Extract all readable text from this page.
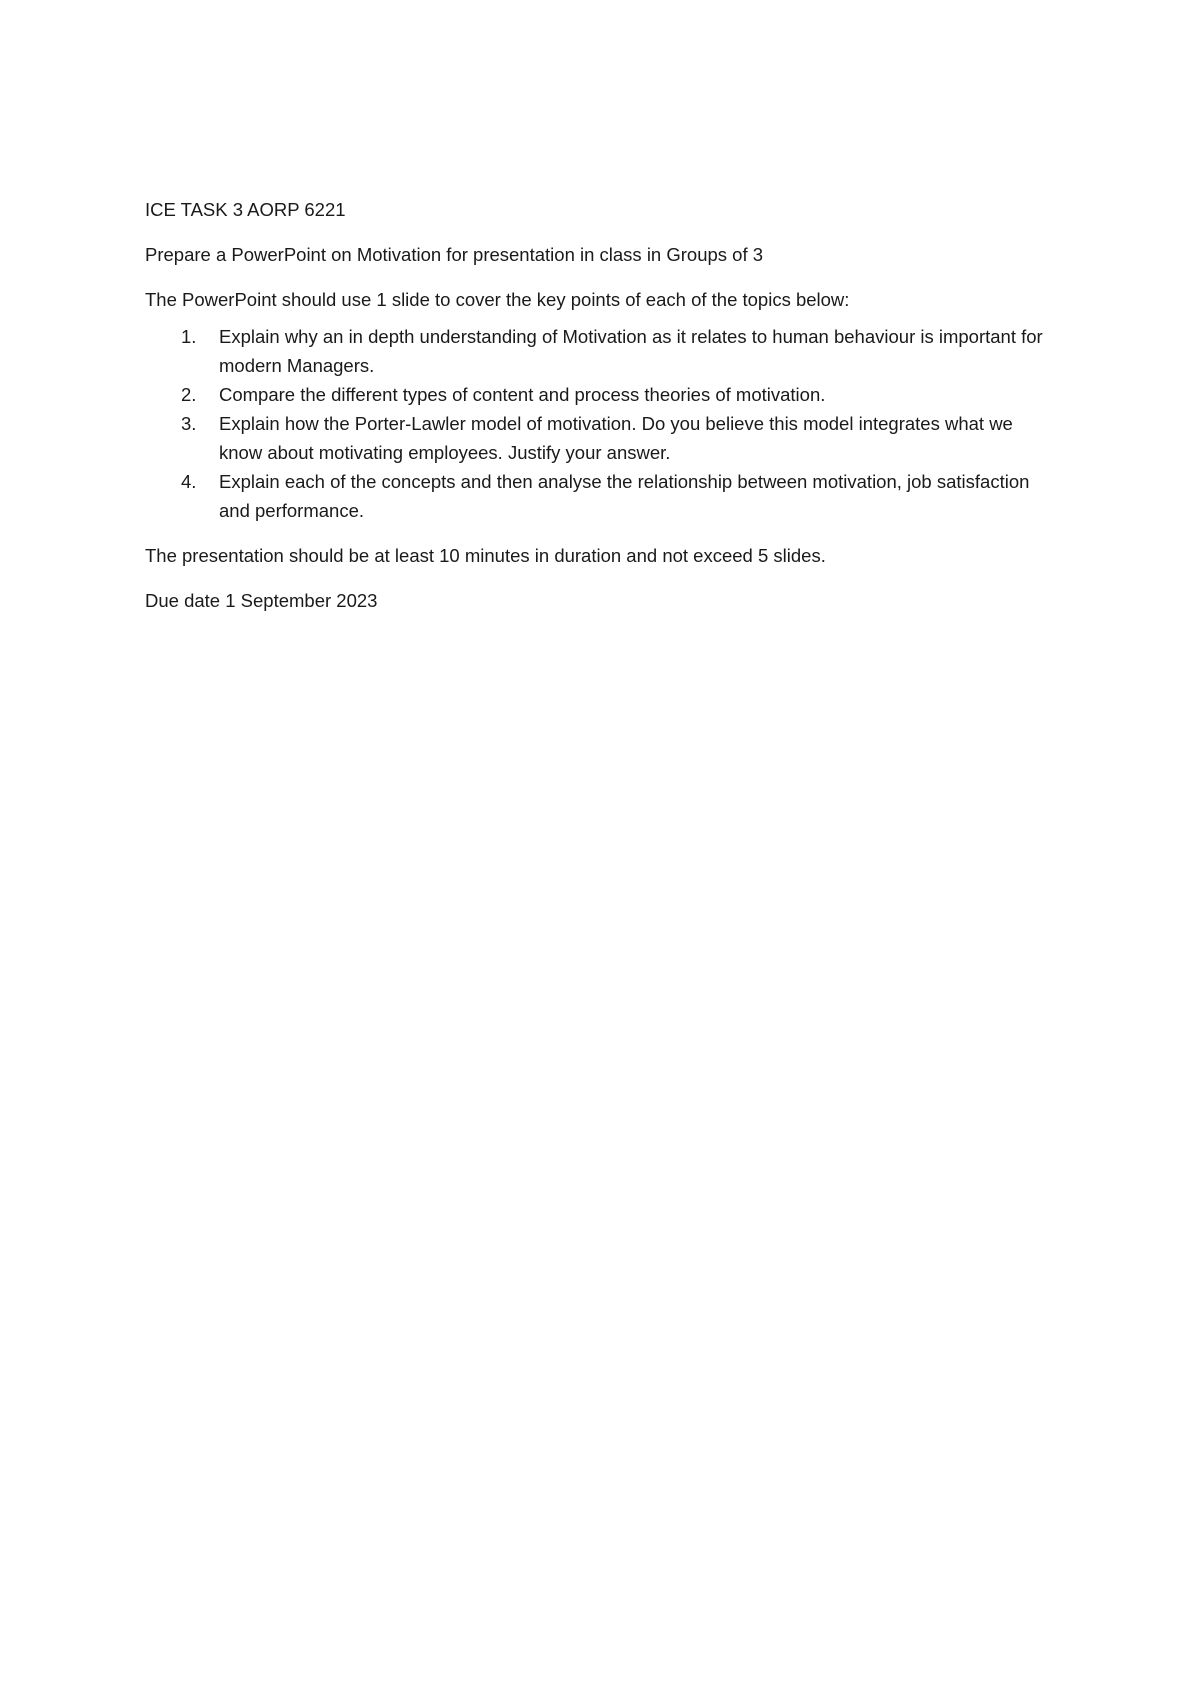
ICE TASK 3 AORP 6221

Prepare a PowerPoint on Motivation for presentation in class in Groups of 3

The PowerPoint should use 1 slide to cover the key points of each of the topics below:

1. Explain why an in depth understanding of Motivation as it relates to human behaviour is important for modern Managers.
2. Compare the different types of content and process theories of motivation.
3. Explain how the Porter-Lawler model of motivation. Do you believe this model integrates what we know about motivating employees. Justify your answer.
4. Explain each of the concepts and then analyse the relationship between motivation, job satisfaction and performance.

The presentation should be at least 10 minutes in duration and not exceed 5 slides.

Due date 1 September 2023
